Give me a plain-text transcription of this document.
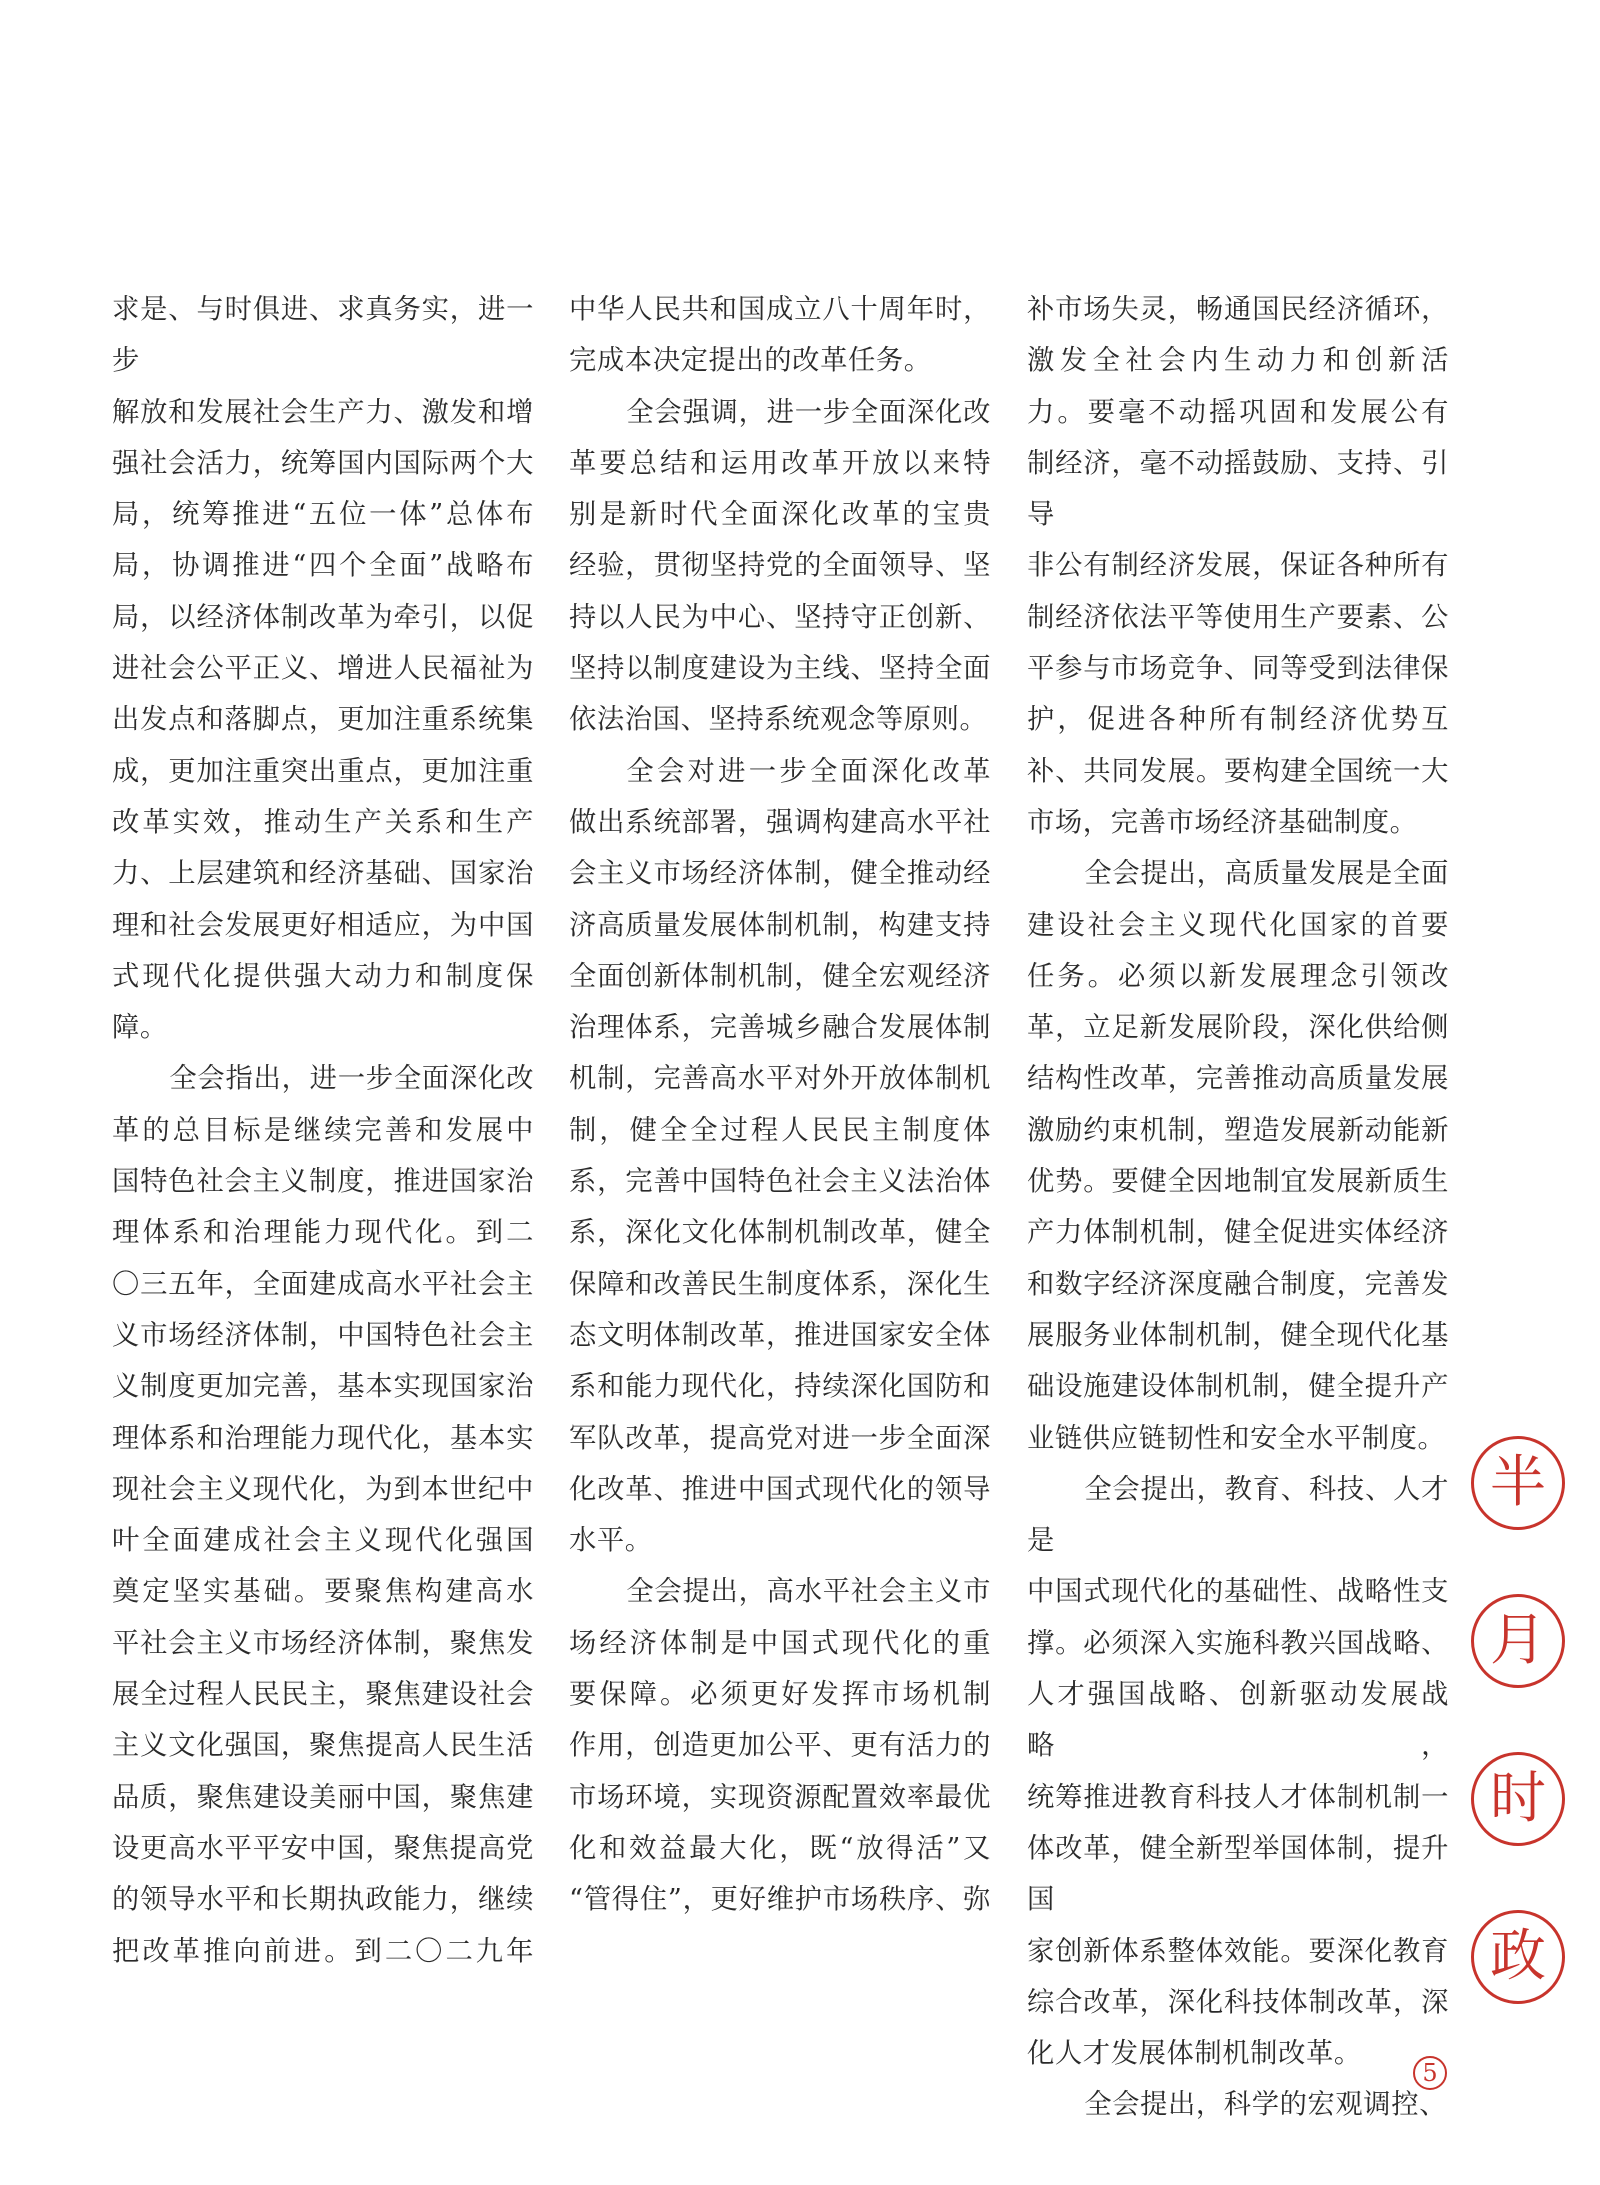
求是、与时俱进、求真务实，进一步

解放和发展社会生产力、激发和增

强社会活力，统筹国内国际两个大

局，统筹推进“五位一体”总体布

局，协调推进“四个全面”战略布

局，以经济体制改革为牵引，以促

进社会公平正义、增进人民福祉为

出发点和落脚点，更加注重系统集

成，更加注重突出重点，更加注重

改革实效，推动生产关系和生产

力、上层建筑和经济基础、国家治

理和社会发展更好相适应，为中国

式现代化提供强大动力和制度保

障。

全会指出，进一步全面深化改

革的总目标是继续完善和发展中

国特色社会主义制度，推进国家治

理体系和治理能力现代化。到二

〇三五年，全面建成高水平社会主

义市场经济体制，中国特色社会主

义制度更加完善，基本实现国家治

理体系和治理能力现代化，基本实

现社会主义现代化，为到本世纪中

叶全面建成社会主义现代化强国

奠定坚实基础。要聚焦构建高水

平社会主义市场经济体制，聚焦发

展全过程人民民主，聚焦建设社会

主义文化强国，聚焦提高人民生活

品质，聚焦建设美丽中国，聚焦建

设更高水平平安中国，聚焦提高党

的领导水平和长期执政能力，继续

把改革推向前进。到二〇二九年

中华人民共和国成立八十周年时，

完成本决定提出的改革任务。

全会强调，进一步全面深化改

革要总结和运用改革开放以来特

别是新时代全面深化改革的宝贵

经验，贯彻坚持党的全面领导、坚

持以人民为中心、坚持守正创新、

坚持以制度建设为主线、坚持全面

依法治国、坚持系统观念等原则。

全会对进一步全面深化改革

做出系统部署，强调构建高水平社

会主义市场经济体制，健全推动经

济高质量发展体制机制，构建支持

全面创新体制机制，健全宏观经济

治理体系，完善城乡融合发展体制

机制，完善高水平对外开放体制机

制，健全全过程人民民主制度体

系，完善中国特色社会主义法治体

系，深化文化体制机制改革，健全

保障和改善民生制度体系，深化生

态文明体制改革，推进国家安全体

系和能力现代化，持续深化国防和

军队改革，提高党对进一步全面深

化改革、推进中国式现代化的领导

水平。

全会提出，高水平社会主义市

场经济体制是中国式现代化的重

要保障。必须更好发挥市场机制

作用，创造更加公平、更有活力的

市场环境，实现资源配置效率最优

化和效益最大化，既“放得活”又

“管得住”，更好维护市场秩序、弥

补市场失灵，畅通国民经济循环，

激发全社会内生动力和创新活

力。要毫不动摇巩固和发展公有

制经济，毫不动摇鼓励、支持、引导

非公有制经济发展，保证各种所有

制经济依法平等使用生产要素、公

平参与市场竞争、同等受到法律保

护，促进各种所有制经济优势互

补、共同发展。要构建全国统一大

市场，完善市场经济基础制度。

全会提出，高质量发展是全面

建设社会主义现代化国家的首要

任务。必须以新发展理念引领改

革，立足新发展阶段，深化供给侧

结构性改革，完善推动高质量发展

激励约束机制，塑造发展新动能新

优势。要健全因地制宜发展新质生

产力体制机制，健全促进实体经济

和数字经济深度融合制度，完善发

展服务业体制机制，健全现代化基

础设施建设体制机制，健全提升产

业链供应链韧性和安全水平制度。

全会提出，教育、科技、人才是

中国式现代化的基础性、战略性支

撑。必须深入实施科教兴国战略、

人才强国战略、创新驱动发展战略，

统筹推进教育科技人才体制机制一

体改革，健全新型举国体制，提升国

家创新体系整体效能。要深化教育

综合改革，深化科技体制改革，深

化人才发展体制机制改革。

全会提出，科学的宏观调控、

半
月
时
政
5
